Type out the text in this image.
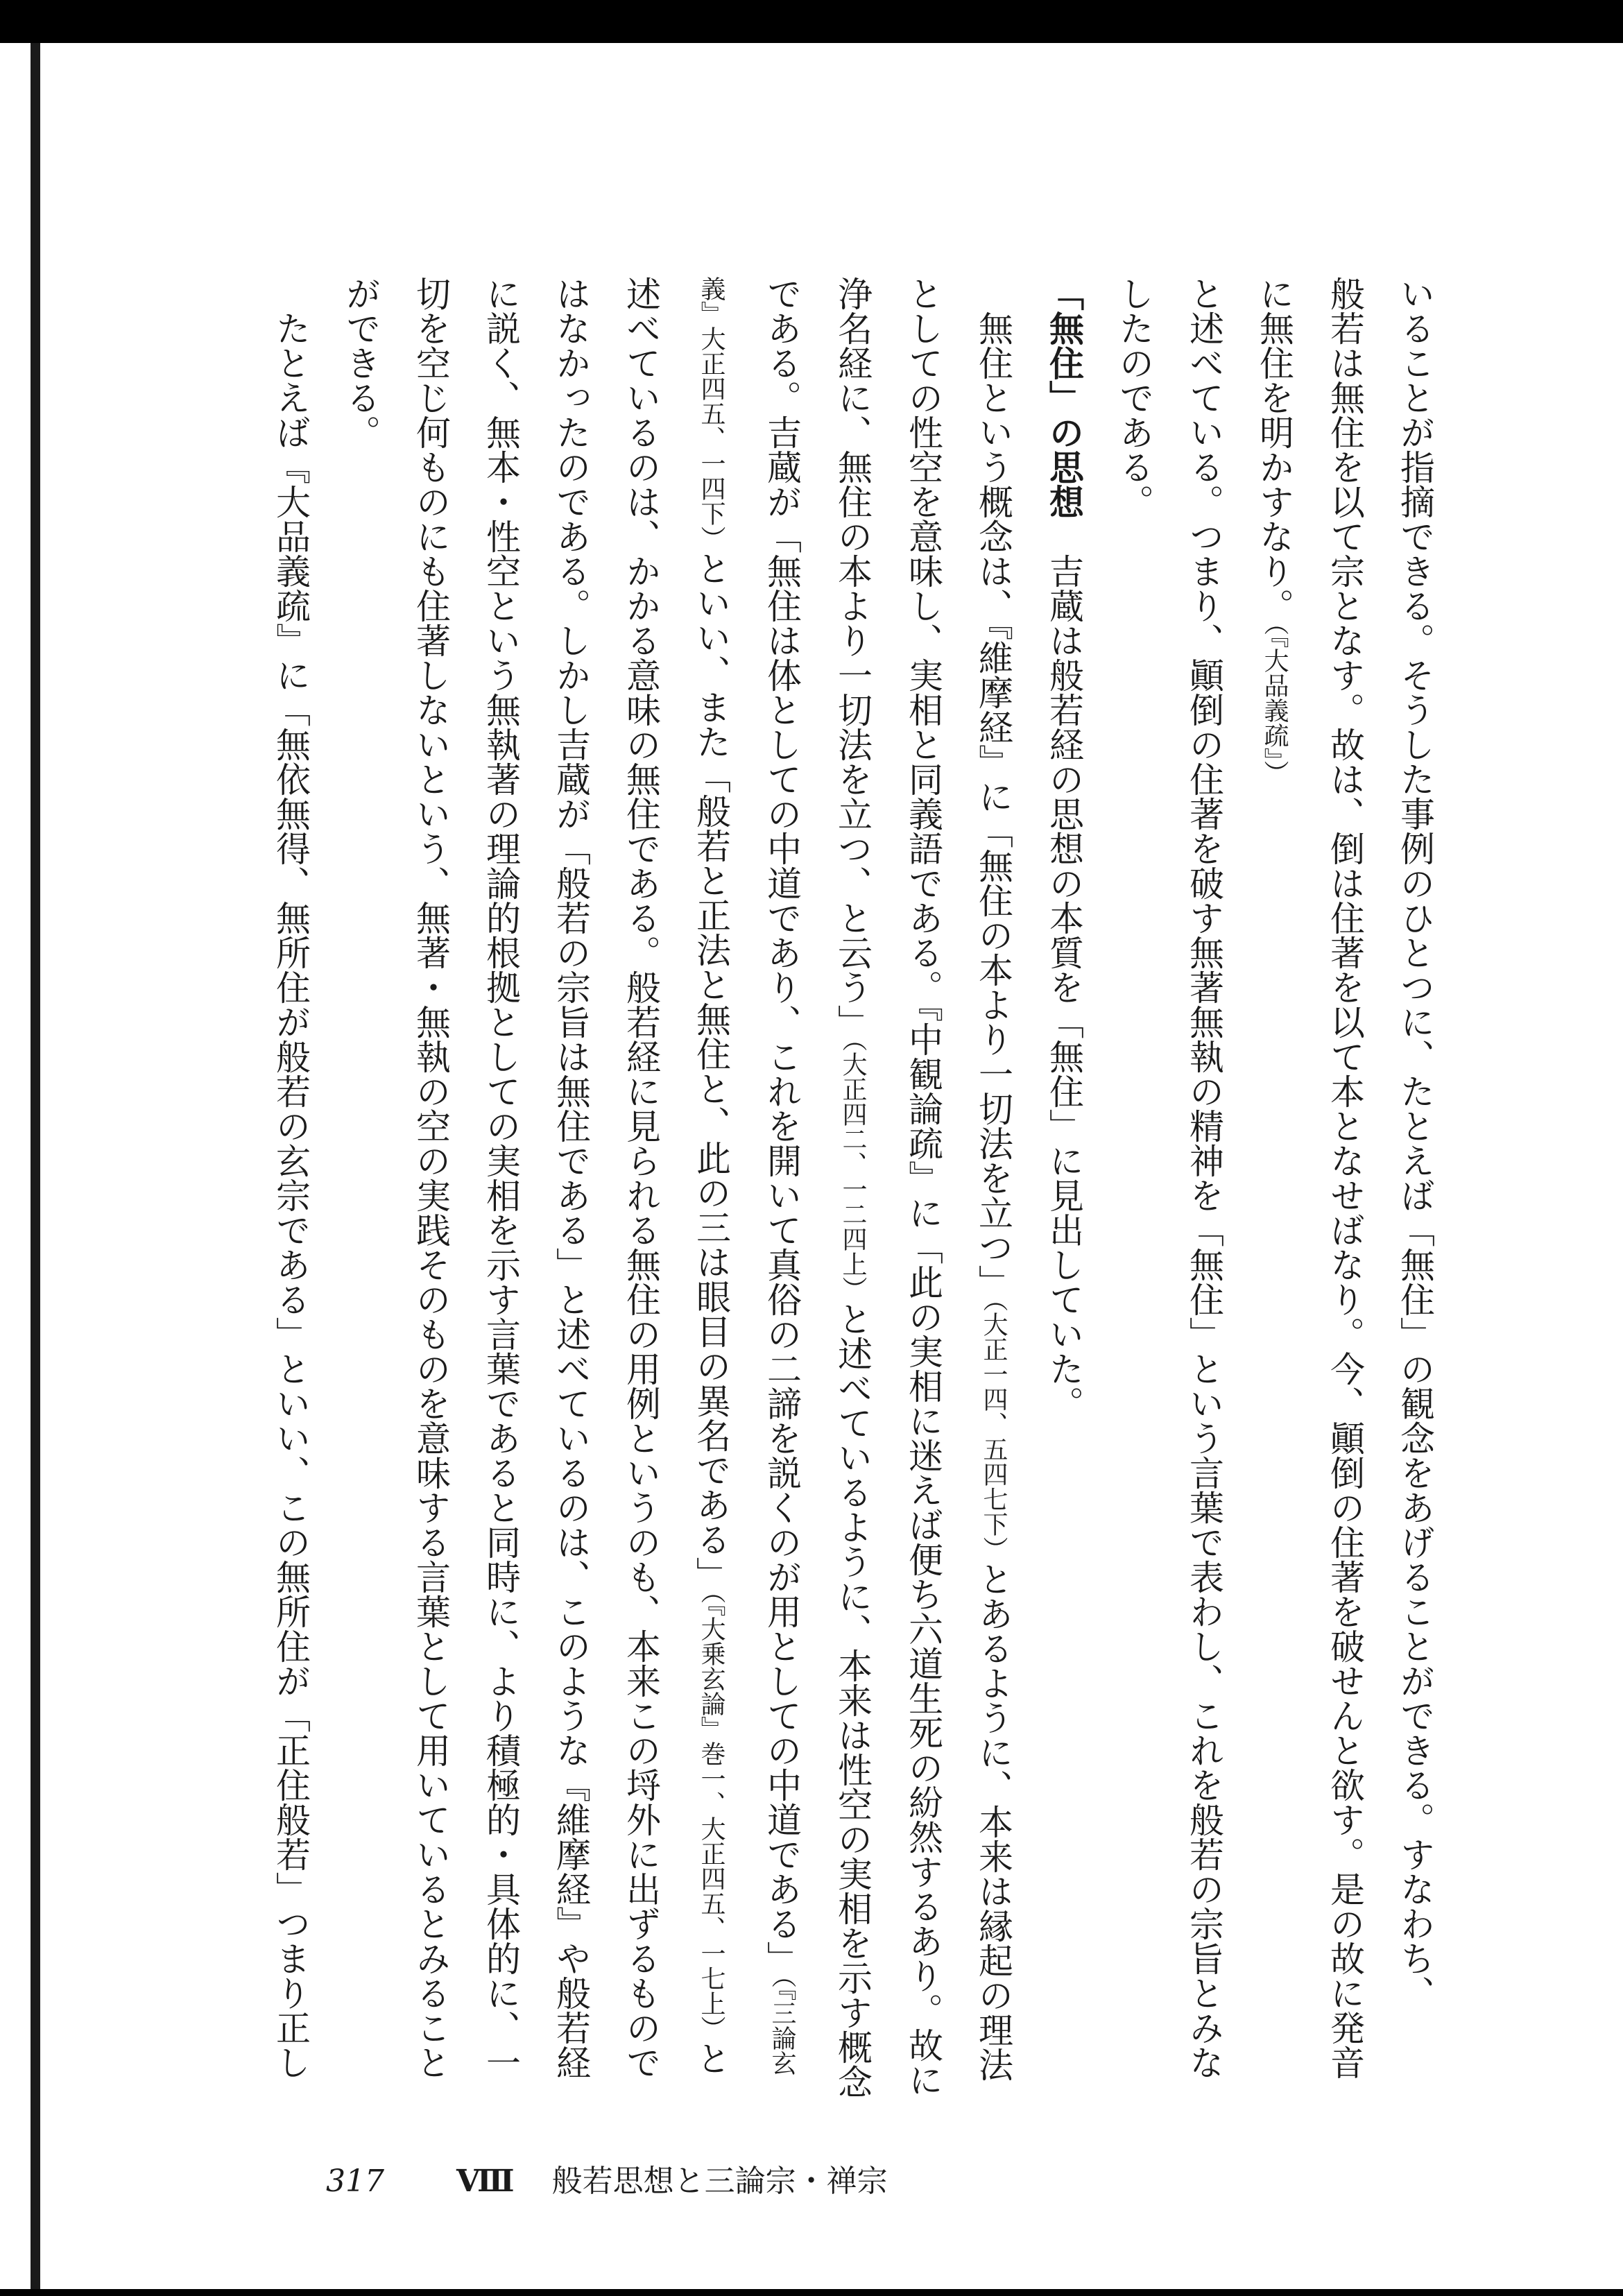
いることが指摘できる。そうした事例のひとつに、たとえば「無住」の観念をあげることができる。すなわち、

般若は無住を以て宗となす。故は、倒は住著を以て本となせばなり。今、顚倒の住著を破せんと欲す。是の故に発音に無住を明かすなり。（『大品義疏』）

と述べている。つまり、顚倒の住著を破す無著無執の精神を「無住」という言葉で表わし、これを般若の宗旨とみなしたのである。

「無住」の思想　吉蔵は般若経の思想の本質を「無住」に見出していた。

無住という概念は、『維摩経』に「無住の本より一切法を立つ」（大正一四、五四七下）とあるように、本来は縁起の理法としての性空を意味し、実相と同義語である。『中観論疏』に「此の実相に迷えば便ち六道生死の紛然するあり。故に浄名経に、無住の本より一切法を立つ、と云う」（大正四二、一二四上）と述べているように、本来は性空の実相を示す概念である。吉蔵が「無住は体としての中道であり、これを開いて真俗の二諦を説くのが用としての中道である」（『三論玄義』大正四五、一四下）といい、また「般若と正法と無住と、此の三は眼目の異名である」（『大乗玄論』巻一、大正四五、一七上）と述べているのは、かかる意味の無住である。般若経に見られる無住の用例というのも、本来この埒外に出ずるものではなかったのである。しかし吉蔵が「般若の宗旨は無住である」と述べているのは、このような『維摩経』や般若経に説く、無本・性空という無執著の理論的根拠としての実相を示す言葉であると同時に、より積極的・具体的に、一切を空じ何ものにも住著しないという、無著・無執の空の実践そのものを意味する言葉として用いているとみることができる。

たとえば『大品義疏』に「無依無得、無所住が般若の玄宗である」といい、この無所住が「正住般若」つまり正し

317 Ⅷ 般若思想と三論宗・禅宗
